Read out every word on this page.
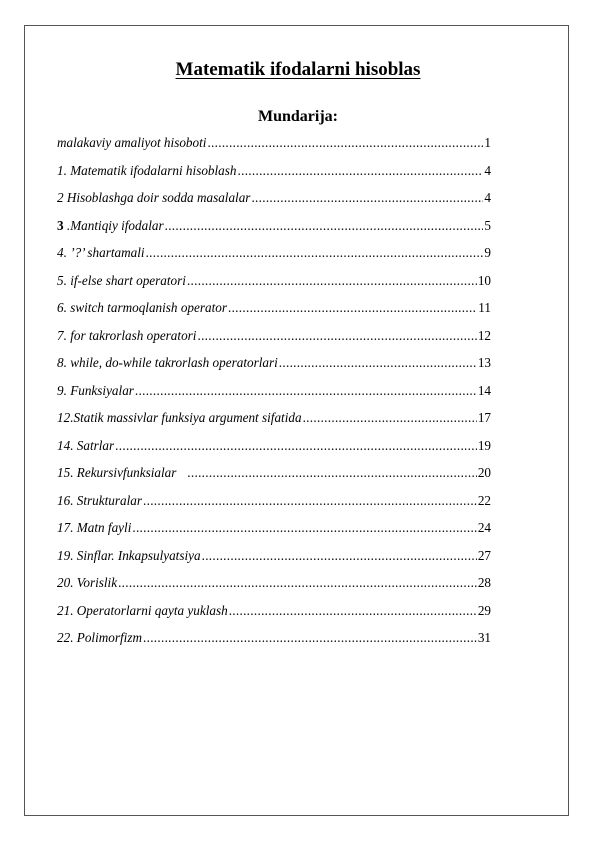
Matematik ifodalarni hisoblas
Mundarija:
malakaviy amaliyot hisoboti .....	1
1. Matematik ifodalarni hisoblash .....	4
2 Hisoblashga doir sodda masalalar .....	4
3 .Mantiqiy ifodalar .....	5
4. ’?’ shartamali .....	9
5. if-else shart operatori .....	10
6. switch tarmoqlanish operator .....	11
7. for takrorlash operatori .....	12
8. while, do-while takrorlash operatorlari .....	13
9. Funksiyalar .....	14
12.Statik massivlar funksiya argument sifatida .....	17
14. Satrlar .....	19
15. Rekursivfunksialar .....	20
16. Strukturalar .....	22
17. Matn fayli .....	24
19. Sinflar. Inkapsulyatsiya .....	27
20. Vorislik .....	28
21. Operatorlarni qayta yuklash .....	29
22. Polimorfizm .....	31
